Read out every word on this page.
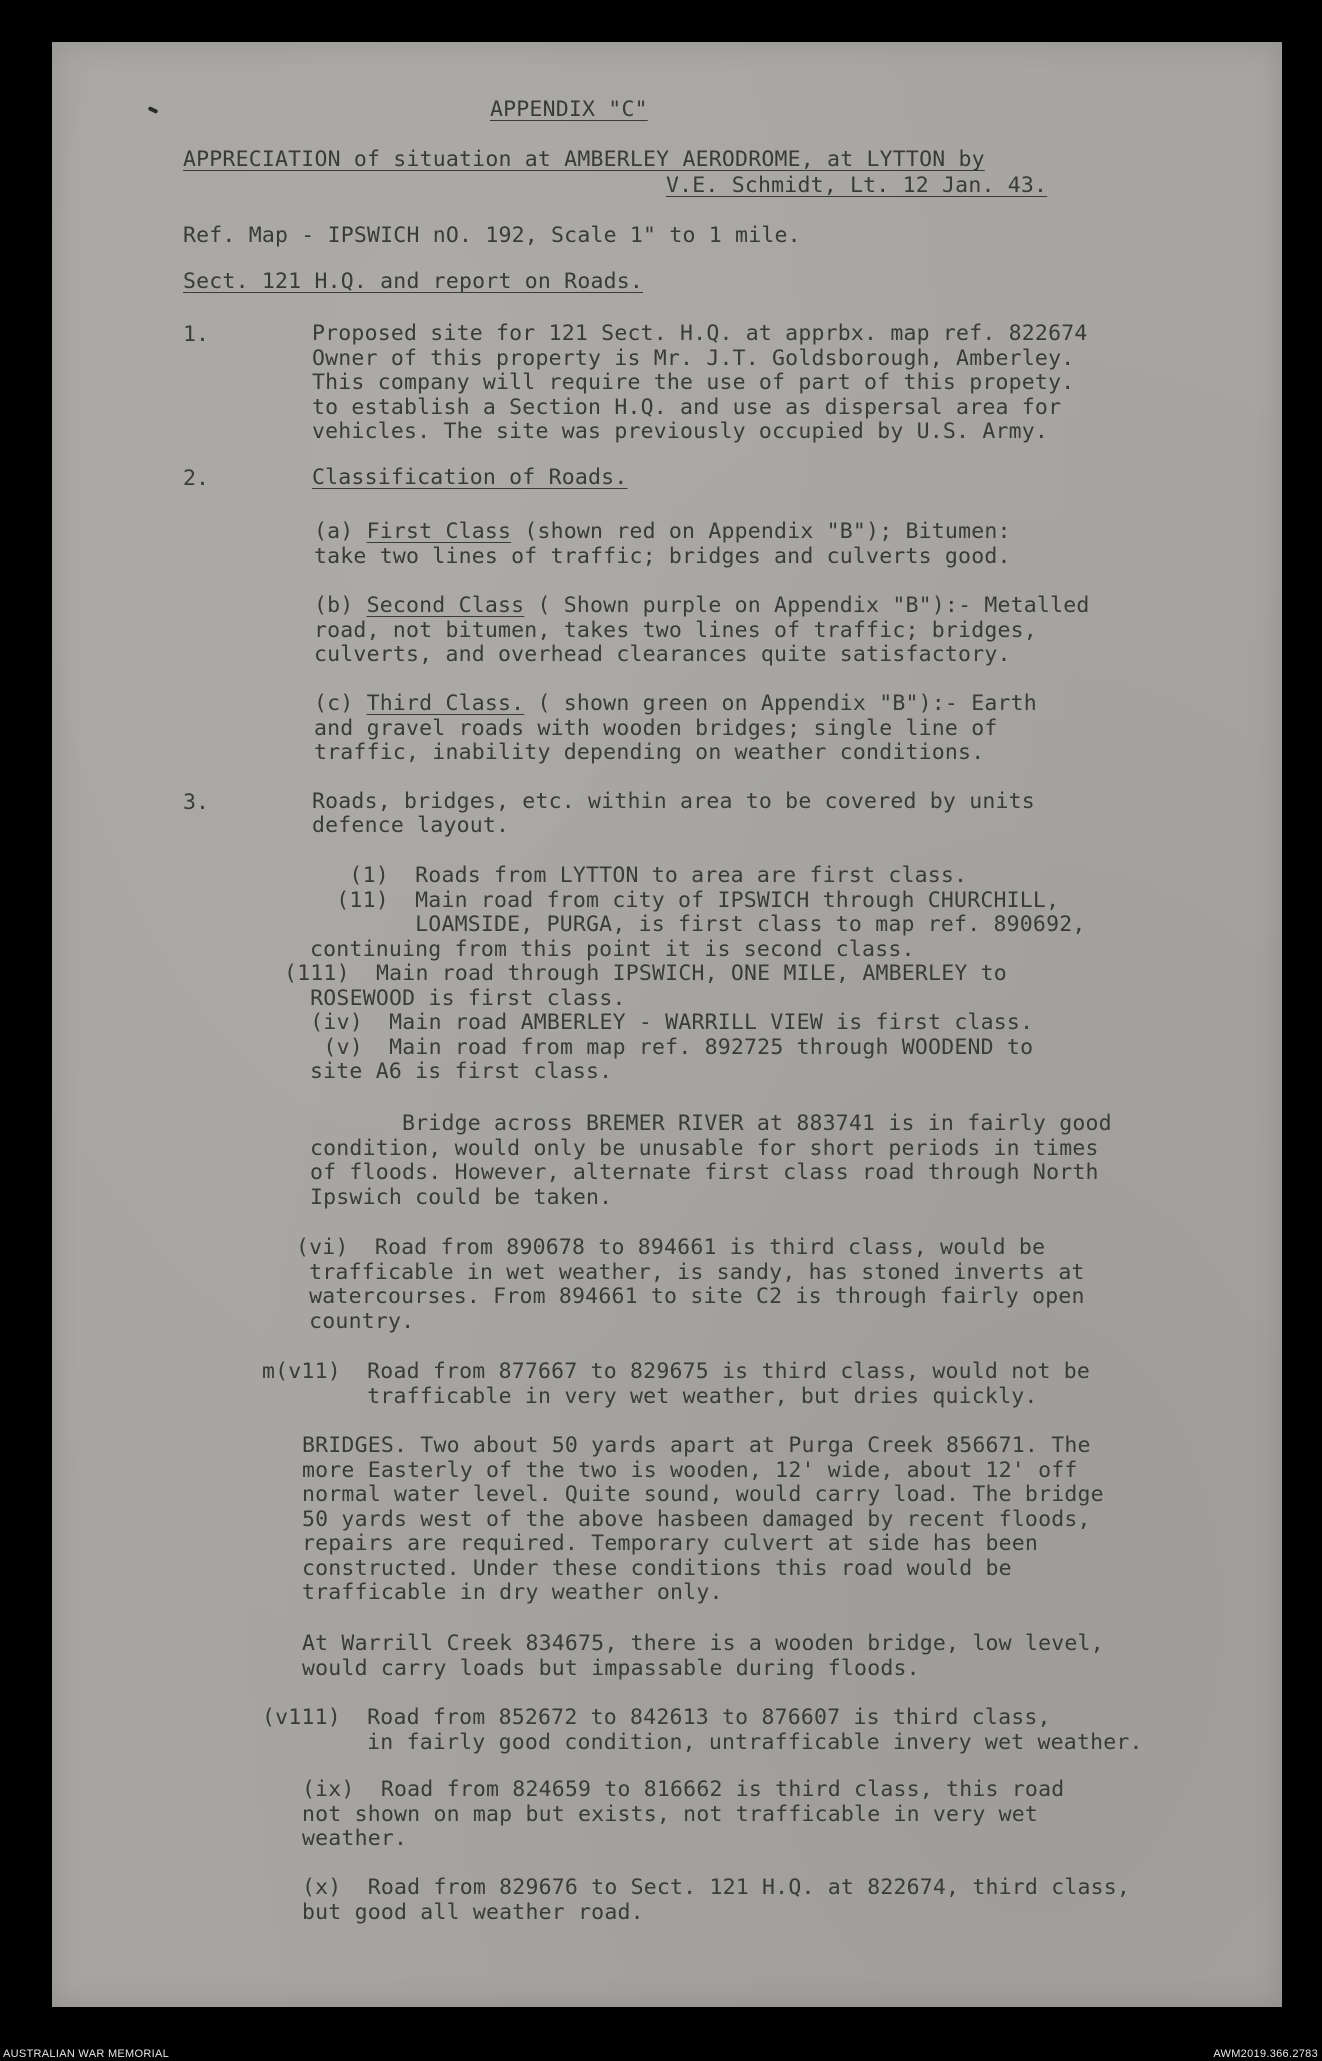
APPENDIX "C"

APPRECIATION of situation at AMBERLEY AERODROME, at LYTTON by

V.E. Schmidt, Lt. 12 Jan. 43.

Ref. Map - IPSWICH nO. 192, Scale 1" to 1 mile.

Sect. 121 H.Q. and report on Roads.

1.	Proposed site for 121 Sect. H.Q. at apprbx. map ref. 822674

Owner of this property is Mr. J.T. Goldsborough, Amberley.

This company will require the use of part of this propety.

to establish a Section H.Q. and use as dispersal area for

vehicles. The site was previously occupied by U.S. Army.

2.	Classification of Roads.

(a) First Class (shown red on Appendix "B"); Bitumen:

take two lines of traffic; bridges and culverts good.

(b) Second Class ( Shown purple on Appendix "B"):- Metalled

road, not bitumen, takes two lines of traffic; bridges,

culverts, and overhead clearances quite satisfactory.

(c) Third Class. ( shown green on Appendix "B"):- Earth

and gravel roads with wooden bridges; single line of

traffic, inability depending on weather conditions.

3.	Roads, bridges, etc. within area to be covered by units

defence layout.

(1)  Roads from LYTTON to area are first class.

(11)  Main road from city of IPSWICH through CHURCHILL,

LOAMSIDE, PURGA, is first class to map ref. 890692,

continuing from this point it is second class.

(111)  Main road through IPSWICH, ONE MILE, AMBERLEY to

ROSEWOOD is first class.

(iv)  Main road AMBERLEY - WARRILL VIEW is first class.

(v)  Main road from map ref. 892725 through WOODEND to

site A6 is first class.

Bridge across BREMER RIVER at 883741 is in fairly good

condition, would only be unusable for short periods in times

of floods. However, alternate first class road through North

Ipswich could be taken.

(vi)  Road from 890678 to 894661 is third class, would be

trafficable in wet weather, is sandy, has stoned inverts at

watercourses. From 894661 to site C2 is through fairly open

country.

m(v11)  Road from 877667 to 829675 is third class, would not be

trafficable in very wet weather, but dries quickly.

BRIDGES. Two about 50 yards apart at Purga Creek 856671. The

more Easterly of the two is wooden, 12' wide, about 12' off

normal water level. Quite sound, would carry load. The bridge

50 yards west of the above hasbeen damaged by recent floods,

repairs are required. Temporary culvert at side has been

constructed. Under these conditions this road would be

trafficable in dry weather only.

At Warrill Creek 834675, there is a wooden bridge, low level,

would carry loads but impassable during floods.

(v111)  Road from 852672 to 842613 to 876607 is third class,

in fairly good condition, untrafficable invery wet weather.

(ix)  Road from 824659 to 816662 is third class, this road

not shown on map but exists, not trafficable in very wet

weather.

(x)  Road from 829676 to Sect. 121 H.Q. at 822674, third class,

but good all weather road.

AUSTRALIAN WAR MEMORIAL	AWM2019.366.2783
